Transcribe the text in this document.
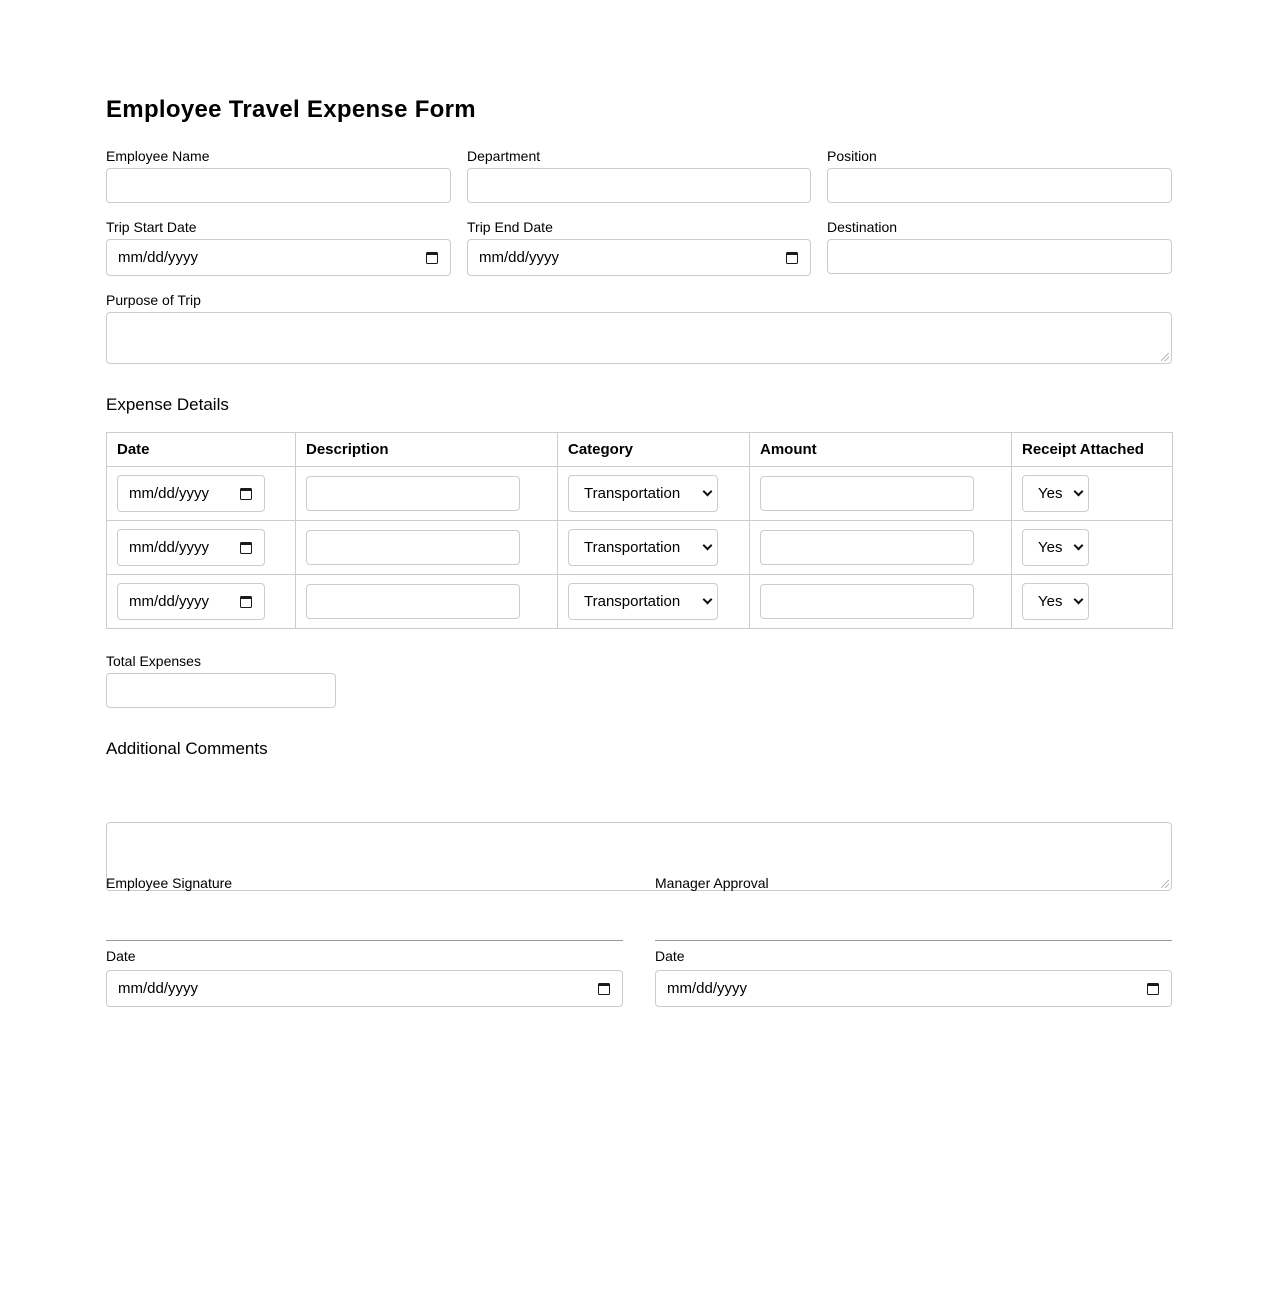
Employee Travel Expense Form
Employee Name	Department	Position
Trip Start Date
mm/dd/yyyy
Trip End Date
mm/dd/yyyy
Destination
Purpose of Trip
Expense Details
Date	Description	Category	Amount	Receipt Attached

mm/dd/yyyy		Transportation		Yes

mm/dd/yyyy		Transportation		Yes

mm/dd/yyyy		Transportation		Yes
Total Expenses
Additional Comments
Employee Signature
Date
mm/dd/yyyy
Manager Approval
Date
mm/dd/yyyy
